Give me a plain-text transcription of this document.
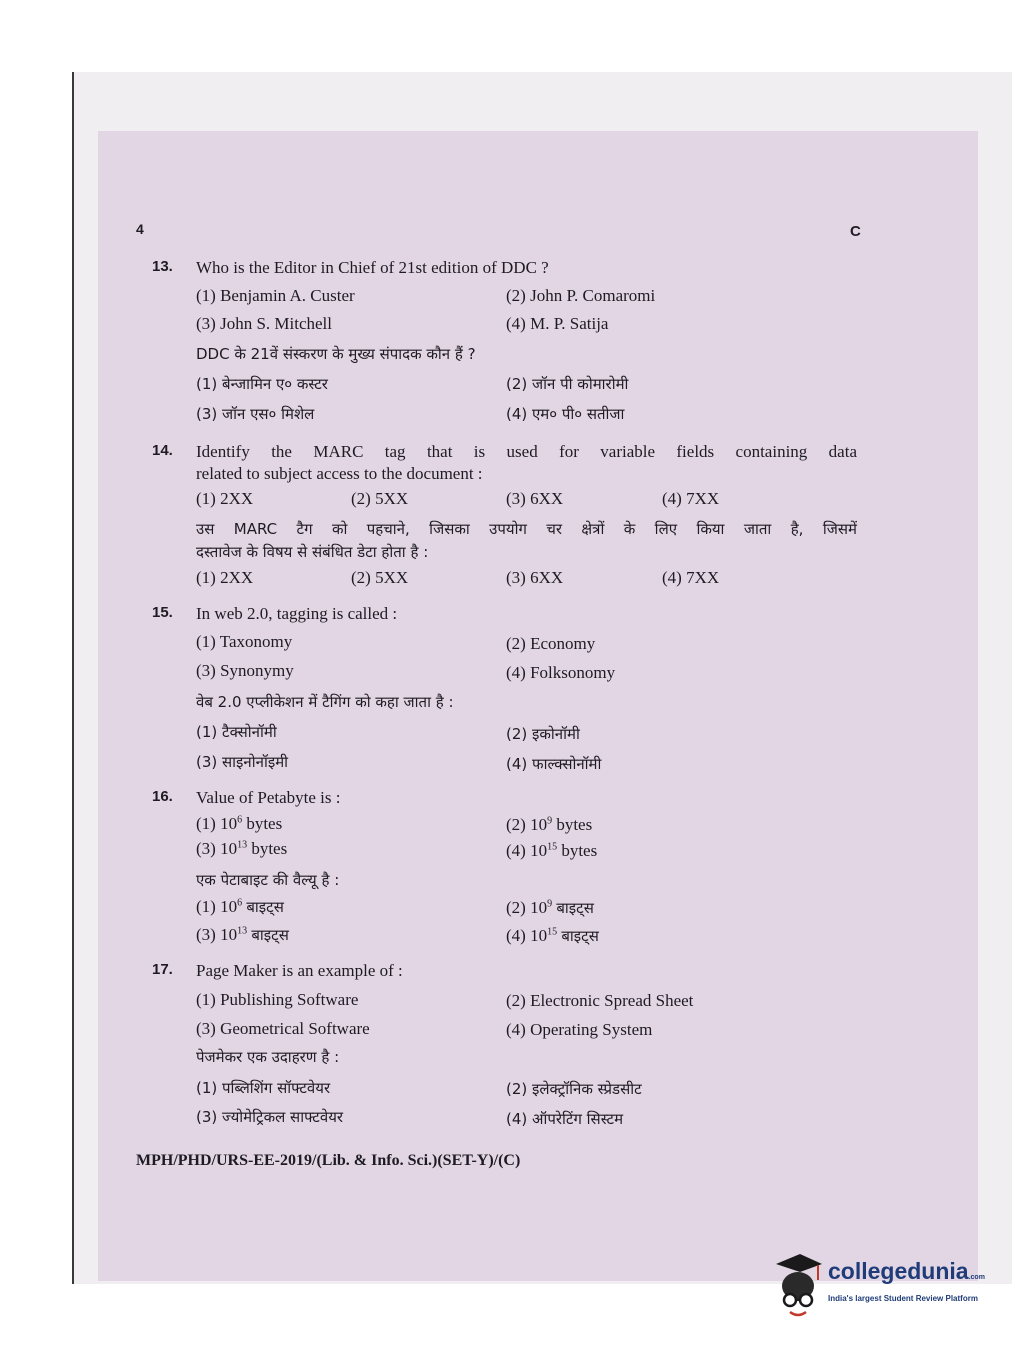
4	C
13. Who is the Editor in Chief of 21st edition of DDC ?
(1) Benjamin A. Custer	(2) John P. Comaromi
(3) John S. Mitchell	(4) M. P. Satija
DDC के 21वें संस्करण के मुख्य संपादक कौन हैं ?
(1) बेन्जामिन ए० कस्टर	(2) जॉन पी कोमारोमी
(3) जॉन एस० मिशेल	(4) एम० पी० सतीजा
14. Identify the MARC tag that is used for variable fields containing data
related to subject access to the document :
(1) 2XX	(2) 5XX	(3) 6XX	(4) 7XX
उस MARC टैग को पहचाने, जिसका उपयोग चर क्षेत्रों के लिए किया जाता है, जिसमें
दस्तावेज के विषय से संबंधित डेटा होता है :
(1) 2XX	(2) 5XX	(3) 6XX	(4) 7XX
15. In web 2.0, tagging is called :
(1) Taxonomy	(2) Economy
(3) Synonymy	(4) Folksonomy
वेब 2.0 एप्लीकेशन में टैगिंग को कहा जाता है :
(1) टैक्सोनॉमी	(2) इकोनॉमी
(3) साइनोनॉइमी	(4) फाल्क्सोनॉमी
16. Value of Petabyte is :
(1) $10^6$ bytes	(2) $10^9$ bytes
(3) $10^{13}$ bytes	(4) $10^{15}$ bytes
एक पेटाबाइट की वैल्यू है :
(1) $10^6$ बाइट्स	(2) $10^9$ बाइट्स
(3) $10^{13}$ बाइट्स	(4) $10^{15}$ बाइट्स
17. Page Maker is an example of :
(1) Publishing Software	(2) Electronic Spread Sheet
(3) Geometrical Software	(4) Operating System
पेजमेकर एक उदाहरण है :
(1) पब्लिशिंग सॉफ्टवेयर	(2) इलेक्ट्रॉनिक स्प्रेडसीट
(3) ज्योमेट्रिकल साफ्टवेयर	(4) ऑपरेटिंग सिस्टम
MPH/PHD/URS-EE-2019/(Lib. & Info. Sci.)(SET-Y)/(C)
collegedunia.com
India's largest Student Review Platform
